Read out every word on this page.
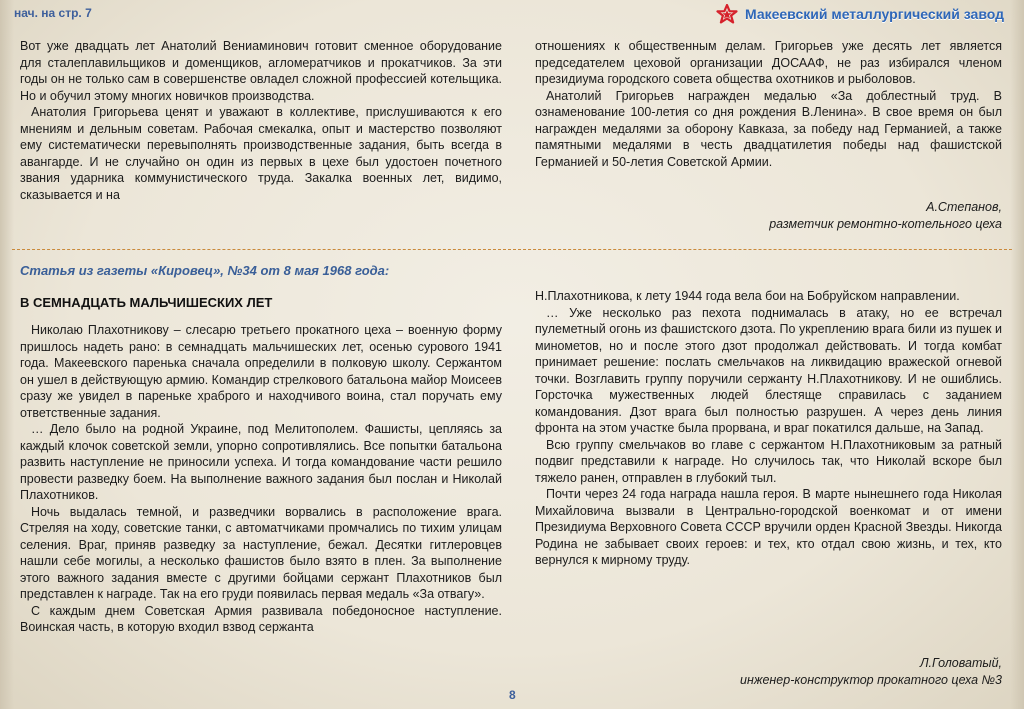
нач. на стр. 7	Макеевский металлургический завод

Вот уже двадцать лет Анатолий Вениаминович готовит сменное оборудование для сталеплавильщиков и доменщиков, агломератчиков и прокатчиков. За эти годы он не только сам в совершенстве овладел сложной профессией котельщика. Но и обучил этому многих новичков производства.

Анатолия Григорьева ценят и уважают в коллективе, прислушиваются к его мнениям и дельным советам. Рабочая смекалка, опыт и мастерство позволяют ему систематически перевыполнять производственные задания, быть всегда в авангарде. И не случайно он один из первых в цехе был удостоен почетного звания ударника коммунистического труда. Закалка военных лет, видимо, сказывается и на

отношениях к общественным делам. Григорьев уже десять лет является председателем цеховой организации ДОСААФ, не раз избирался членом президиума городского совета общества охотников и рыболовов.

Анатолий Григорьев награжден медалью «За доблестный труд. В ознаменование 100-летия со дня рождения В.Ленина». В свое время он был награжден медалями за оборону Кавказа, за победу над Германией, а также памятными медалями в честь двадцатилетия победы над фашистской Германией и 50-летия Советской Армии.

А.Степанов,
разметчик ремонтно-котельного цеха
Статья из газеты «Кировец», №34 от 8 мая 1968 года:
В СЕМНАДЦАТЬ МАЛЬЧИШЕСКИХ ЛЕТ

Николаю Плахотникову – слесарю третьего прокатного цеха – военную форму пришлось надеть рано: в семнадцать мальчишеских лет, осенью суровоro 1941 года. Макеевского паренька сначала определили в полковую школу. Сержантом он ушел в действующую армию. Командир стрелкового батальона майор Моисеев сразу же увидел в пареньке храброго и находчивого воина, стал поручать ему ответственные задания.

… Дело было на родной Украине, под Мелитополем. Фашисты, цепляясь за каждый клочок советской земли, упорно сопротивлялись. Все попытки батальона развить наступление не приносили успеха. И тогда командование части решило провести разведку боем. На выполнение важного задания был послан и Николай Плахотников.

Ночь выдалась темной, и разведчики ворвались в расположение врага. Стреляя на ходу, советские танки, с автоматчиками промчались по тихим улицам селения. Враг, приняв разведку за наступление, бежал. Десятки гитлеровцев нашли себе могилы, а несколько фашистов было взято в плен. За выполнение этого важного задания вместе с другими бойцами сержант Плахотников был представлен к награде. Так на его груди появилась первая медаль «За отвагу».

С каждым днем Советская Армия развивала победоносное наступление. Воинская часть, в которую входил взвод сержанта

Н.Плахотникова, к лету 1944 года вела бои на Бобруйском направлении.

… Уже несколько раз пехота поднималась в атаку, но ее встречал пулеметный огонь из фашистского дзота. По укреплению врага били из пушек и минометов, но и после этого дзот продолжал действовать. И тогда комбат принимает решение: послать смельчаков на ликвидацию вражеской огневой точки. Возглавить группу поручили сержанту Н.Плахотникову. И не ошиблись. Горсточка мужественных людей блестяще справилась с заданием командования. Дзот врага был полностью разрушен. А через день линия фронта на этом участке была прорвана, и враг покатился дальше, на Запад.

Всю группу смельчаков во главе с сержантом Н.Плахотниковым за ратный подвиг представили к награде. Но случилось так, что Николай вскоре был тяжело ранен, отправлен в глубокий тыл.

Почти через 24 года награда нашла героя. В марте нынешнего года Николая Михайловича вызвали в Центрально-городской военкомат и от имени Президиума Верховного Совета СССР вручили орден Красной Звезды. Никогда Родина не забывает своих героев: и тех, кто отдал свою жизнь, и тех, кто вернулся к мирному труду.

Л.Головатый,
инженер-конструктор прокатного цеха №3
8
